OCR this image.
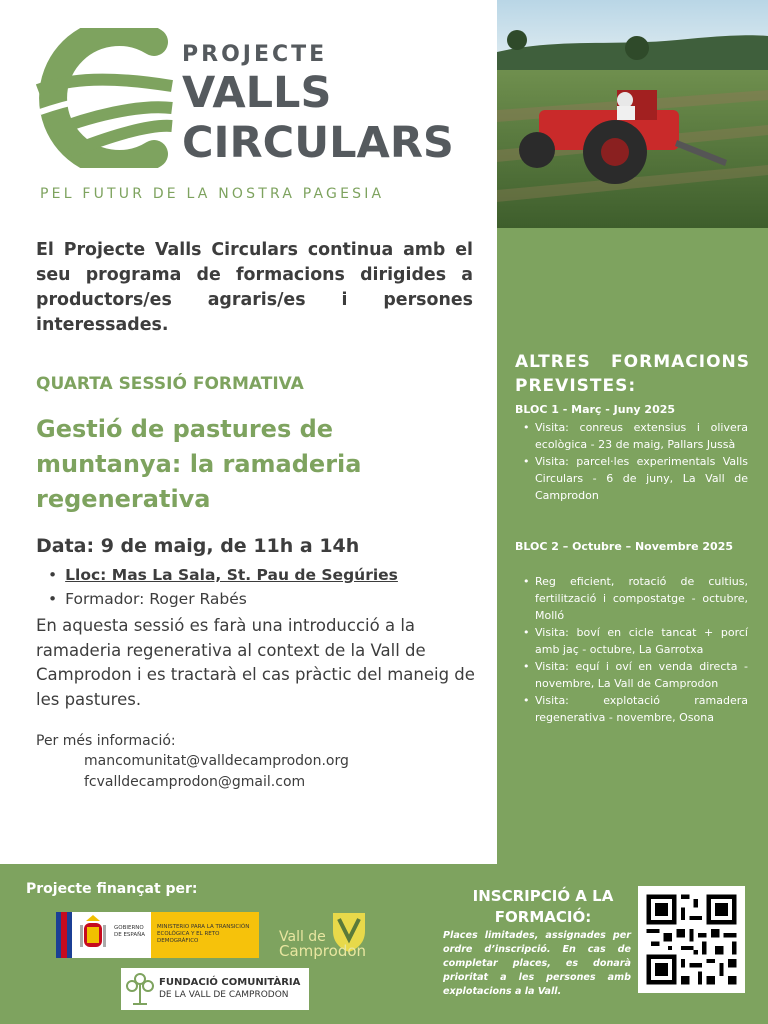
PROJECTE
VALLS
CIRCULARS
PEL FUTUR DE LA NOSTRA PAGESIA
El Projecte Valls Circulars continua amb el seu programa de formacions dirigides a productors/es agraris/es i persones interessades.
QUARTA SESSIÓ FORMATIVA
Gestió de pastures de muntanya: la ramaderia regenerativa
Data: 9 de maig, de 11h a 14h
• Lloc: Mas La Sala, St. Pau de Segúries
• Formador: Roger Rabés
En aquesta sessió es farà una introducció a la ramaderia regenerativa al context de la Vall de Camprodon i es tractarà el cas pràctic del maneig de les pastures.
Per més informació:
mancomunitat@valldecamprodon.org
fcvalldecamprodon@gmail.com
ALTRES FORMACIONS PREVISTES:
BLOC 1 - Març - Juny 2025
• Visita: conreus extensius i olivera ecològica - 23 de maig, Pallars Jussà
• Visita: parcel·les experimentals Valls Circulars - 6 de juny, La Vall de Camprodon
BLOC 2 – Octubre – Novembre 2025
• Reg eficient, rotació de cultius, fertilització i compostatge - octubre, Molló
• Visita: boví en cicle tancat + porcí amb jaç - octubre, La Garrotxa
• Visita: equí i oví en venda directa - novembre, La Vall de Camprodon
• Visita: explotació ramadera regenerativa - novembre, Osona
Projecte finançat per:
GOBIERNO DE ESPAÑA
MINISTERIO PARA LA TRANSICIÓN ECOLÓGICA Y EL RETO DEMOGRÁFICO	Vall de
Camprodon
FUNDACIÓ COMUNITÀRIA
DE LA VALL DE CAMPRODON
INSCRIPCIÓ A LA FORMACIÓ:
Places limitades, assignades per ordre d’inscripció. En cas de completar places, es donarà prioritat a les persones amb explotacions a la Vall.
